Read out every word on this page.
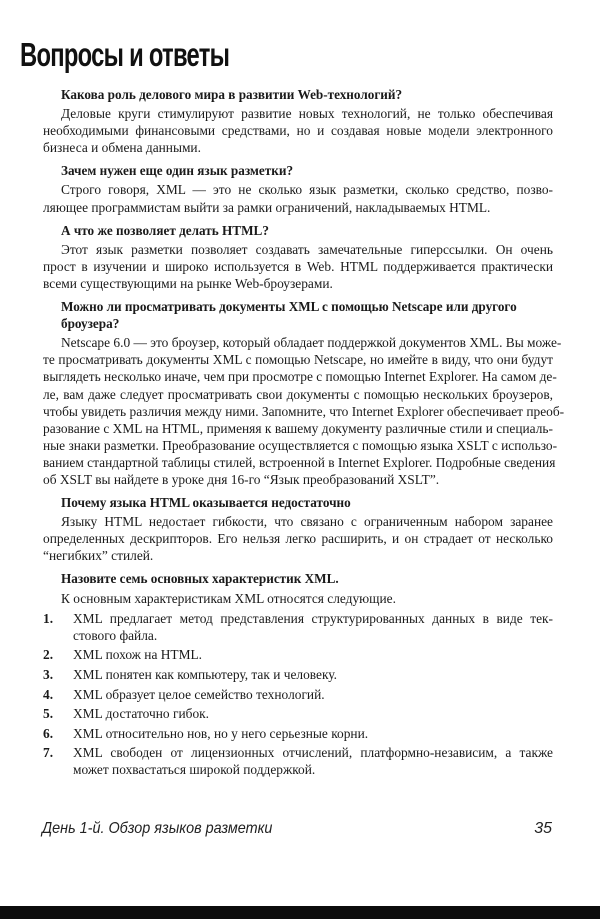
Вопросы и ответы
Какова роль делового мира в развитии Web-технологий?
Деловые круги стимулируют развитие новых технологий, не только обеспечивая
необходимыми финансовыми средствами, но и создавая новые модели электронного
бизнеса и обмена данными.
Зачем нужен еще один язык разметки?
Строго говоря, XML — это не сколько язык разметки, сколько средство, позво-
ляющее программистам выйти за рамки ограничений, накладываемых HTML.
А что же позволяет делать HTML?
Этот язык разметки позволяет создавать замечательные гиперссылки. Он очень
прост в изучении и широко используется в Web. HTML поддерживается практически
всеми существующими на рынке Web-броузерами.
Можно ли просматривать документы XML с помощью Netscape или другого броузера?
Netscape 6.0 — это броузер, который обладает поддержкой документов XML. Вы може-
те просматривать документы XML с помощью Netscape, но имейте в виду, что они будут
выглядеть несколько иначе, чем при просмотре с помощью Internet Explorer. На самом де-
ле, вам даже следует просматривать свои документы с помощью нескольких броузеров,
чтобы увидеть различия между ними. Запомните, что Internet Explorer обеспечивает преоб-
разование с XML на HTML, применяя к вашему документу различные стили и специаль-
ные знаки разметки. Преобразование осуществляется с помощью языка XSLT с использо-
ванием стандартной таблицы стилей, встроенной в Internet Explorer. Подробные сведения
об XSLT вы найдете в уроке дня 16-го “Язык преобразований XSLT”.
Почему языка HTML оказывается недостаточно
Языку HTML недостает гибкости, что связано с ограниченным набором заранее
определенных дескрипторов. Его нельзя легко расширить, и он страдает от несколько
“негибких” стилей.
Назовите семь основных характеристик XML.
К основным характеристикам XML относятся следующие.
1.	XML предлагает метод представления структурированных данных в виде тек-
стового файла.
2.	XML похож на HTML.
3.	XML понятен как компьютеру, так и человеку.
4.	XML образует целое семейство технологий.
5.	XML достаточно гибок.
6.	XML относительно нов, но у него серьезные корни.
7.	XML свободен от лицензионных отчислений, платформно-независим, а также
может похвастаться широкой поддержкой.
День 1-й. Обзор языков разметки	35
